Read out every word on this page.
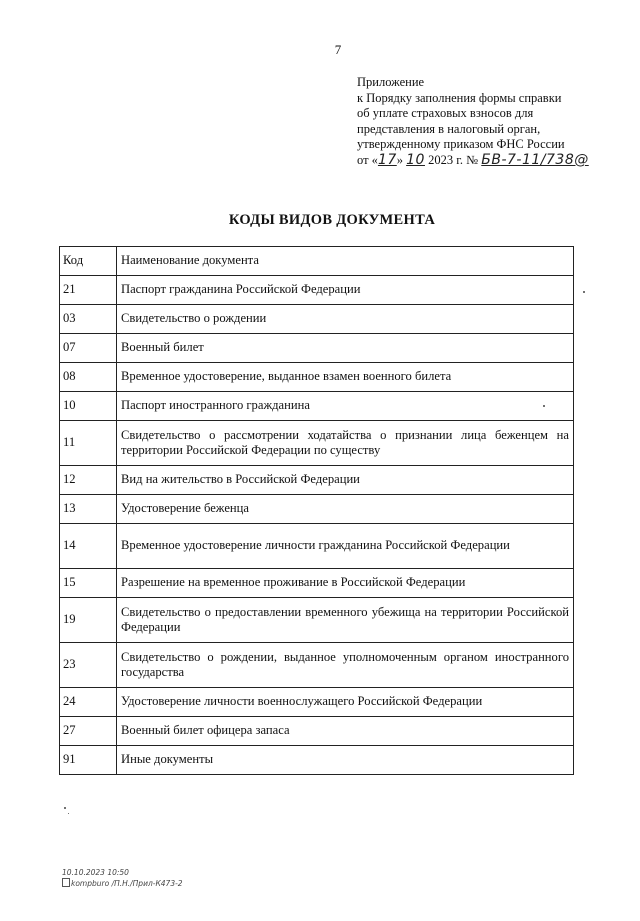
7
Приложение
к Порядку заполнения формы справки
об уплате страховых взносов для
представления в налоговый орган,
утвержденному приказом ФНС России
от «17» 10 2023 г. № БВ-7-11/738@
КОДЫ ВИДОВ ДОКУМЕНТА
Код	Наименование документа
21	Паспорт гражданина Российской Федерации
03	Свидетельство о рождении
07	Военный билет
08	Временное удостоверение, выданное взамен военного билета
10	Паспорт иностранного гражданина
11	Свидетельство о рассмотрении ходатайства о признании лица беженцем на территории Российской Федерации по существу
12	Вид на жительство в Российской Федерации
13	Удостоверение беженца
14	Временное удостоверение личности гражданина Российской Федерации
15	Разрешение на временное проживание в Российской Федерации
19	Свидетельство о предоставлении временного убежища на территории Российской Федерации
23	Свидетельство о рождении, выданное уполномоченным органом иностранного государства
24	Удостоверение личности военнослужащего Российской Федерации
27	Военный билет офицера запаса
91	Иные документы
10.10.2023 10:50
kompburo /П.Н./Прил-К473-2
